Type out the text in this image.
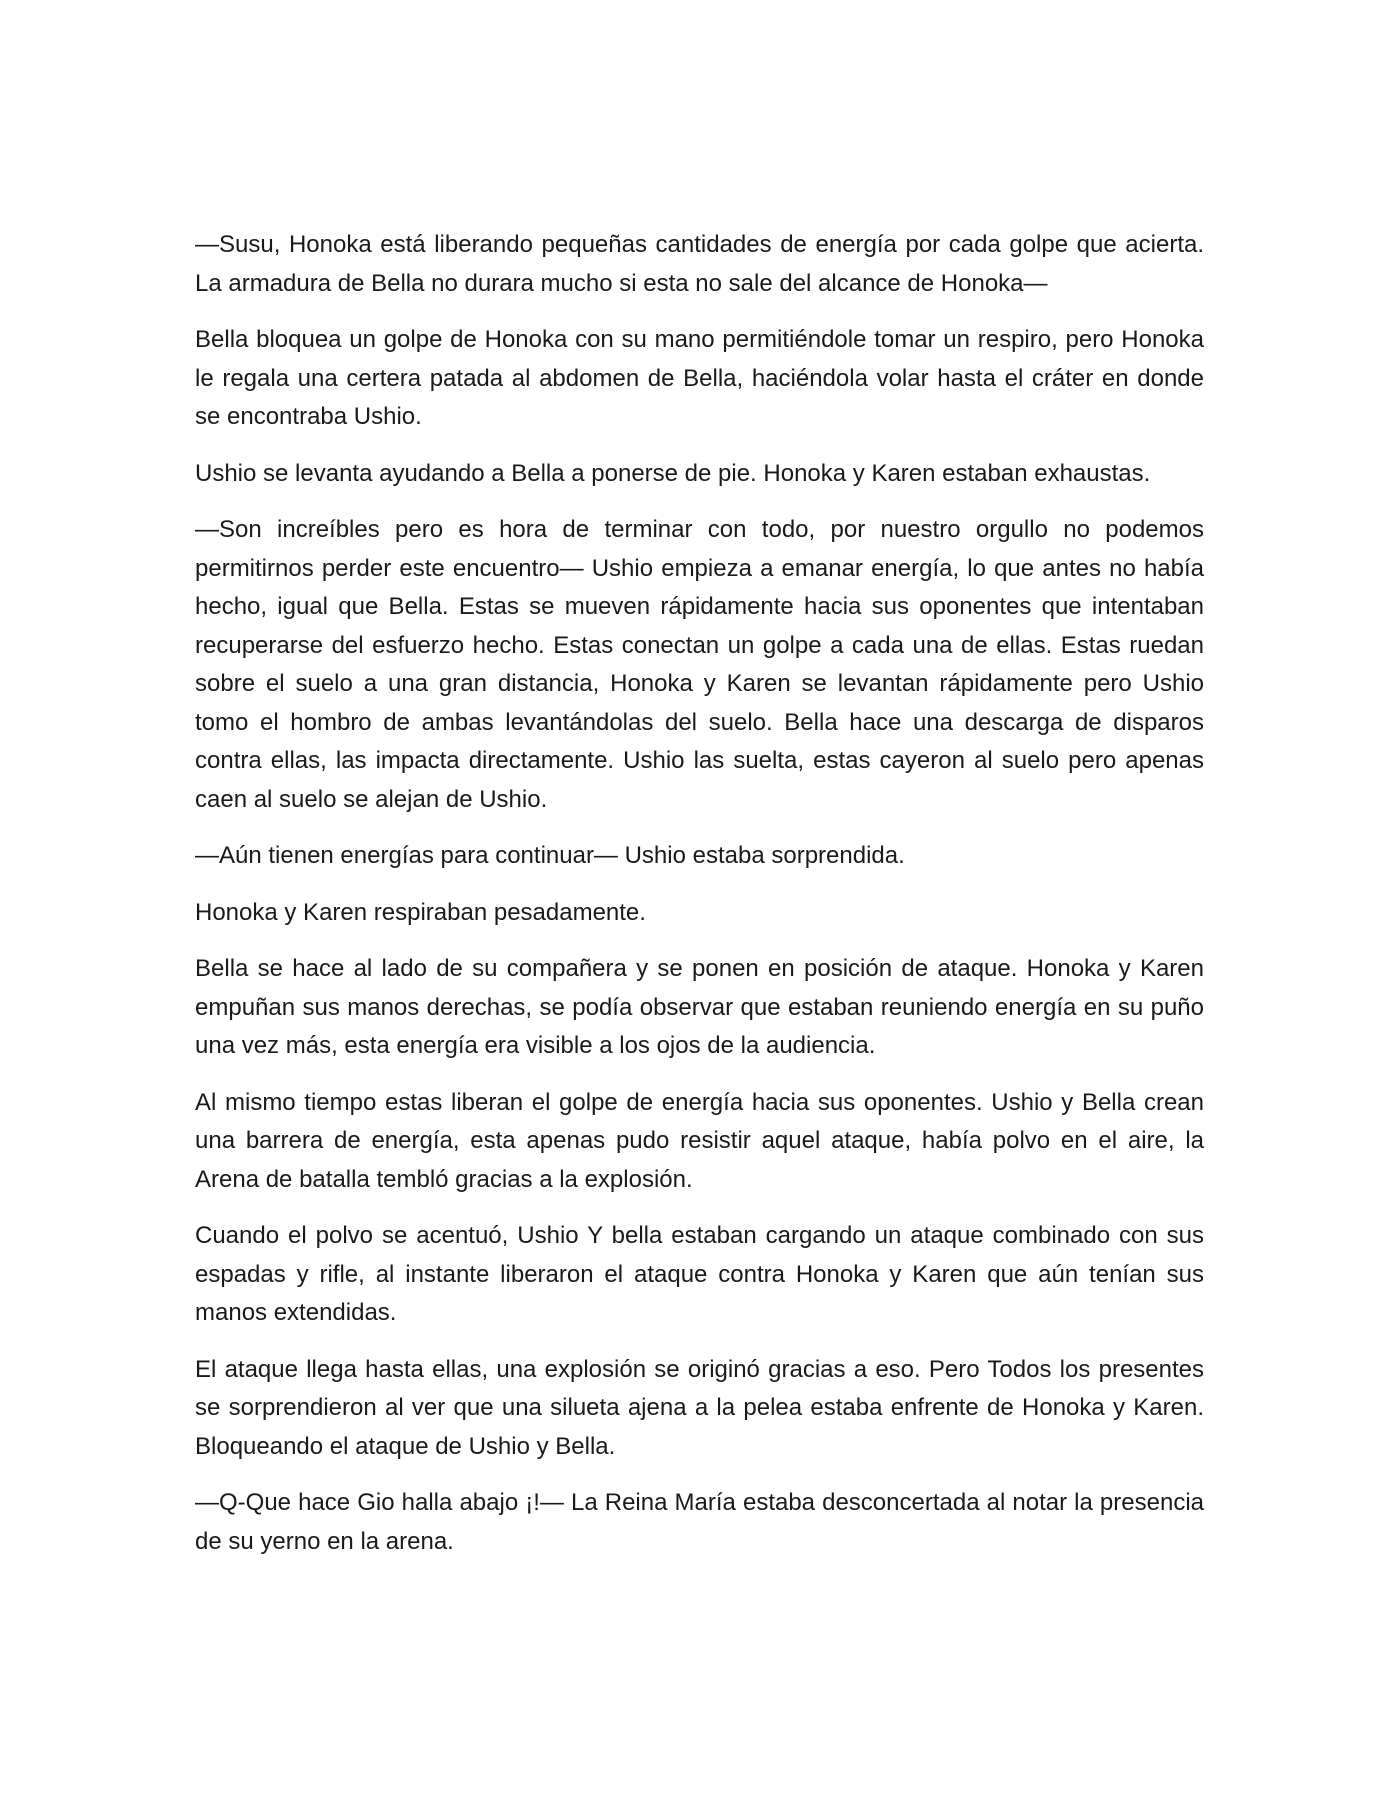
—Susu, Honoka está liberando pequeñas cantidades de energía por cada golpe que acierta. La armadura de Bella no durara mucho si esta no sale del alcance de Honoka—

Bella bloquea un golpe de Honoka con su mano permitiéndole tomar un respiro, pero Honoka le regala una certera patada al abdomen de Bella, haciéndola volar hasta el cráter en donde se encontraba Ushio.

Ushio se levanta ayudando a Bella a ponerse de pie. Honoka y Karen estaban exhaustas.

—Son increíbles pero es hora de terminar con todo, por nuestro orgullo no podemos permitirnos perder este encuentro— Ushio empieza a emanar energía, lo que antes no había hecho, igual que Bella. Estas se mueven rápidamente hacia sus oponentes que intentaban recuperarse del esfuerzo hecho. Estas conectan un golpe a cada una de ellas. Estas ruedan sobre el suelo a una gran distancia, Honoka y Karen se levantan rápidamente pero Ushio tomo el hombro de ambas levantándolas del suelo. Bella hace una descarga de disparos contra ellas, las impacta directamente. Ushio las suelta, estas cayeron al suelo pero apenas caen al suelo se alejan de Ushio.

—Aún tienen energías para continuar— Ushio estaba sorprendida.

Honoka y Karen respiraban pesadamente.

Bella se hace al lado de su compañera y se ponen en posición de ataque. Honoka y Karen empuñan sus manos derechas, se podía observar que estaban reuniendo energía en su puño una vez más, esta energía era visible a los ojos de la audiencia.

Al mismo tiempo estas liberan el golpe de energía hacia sus oponentes. Ushio y Bella crean una barrera de energía, esta apenas pudo resistir aquel ataque, había polvo en el aire, la Arena de batalla tembló gracias a la explosión.

Cuando el polvo se acentuó, Ushio Y bella estaban cargando un ataque combinado con sus espadas y rifle, al instante liberaron el ataque contra Honoka y Karen que aún tenían sus manos extendidas.

El ataque llega hasta ellas, una explosión se originó gracias a eso. Pero Todos los presentes se sorprendieron al ver que una silueta ajena a la pelea estaba enfrente de Honoka y Karen. Bloqueando el ataque de Ushio y Bella.

—Q-Que hace Gio halla abajo ¡!— La Reina María estaba desconcertada al notar la presencia de su yerno en la arena.
